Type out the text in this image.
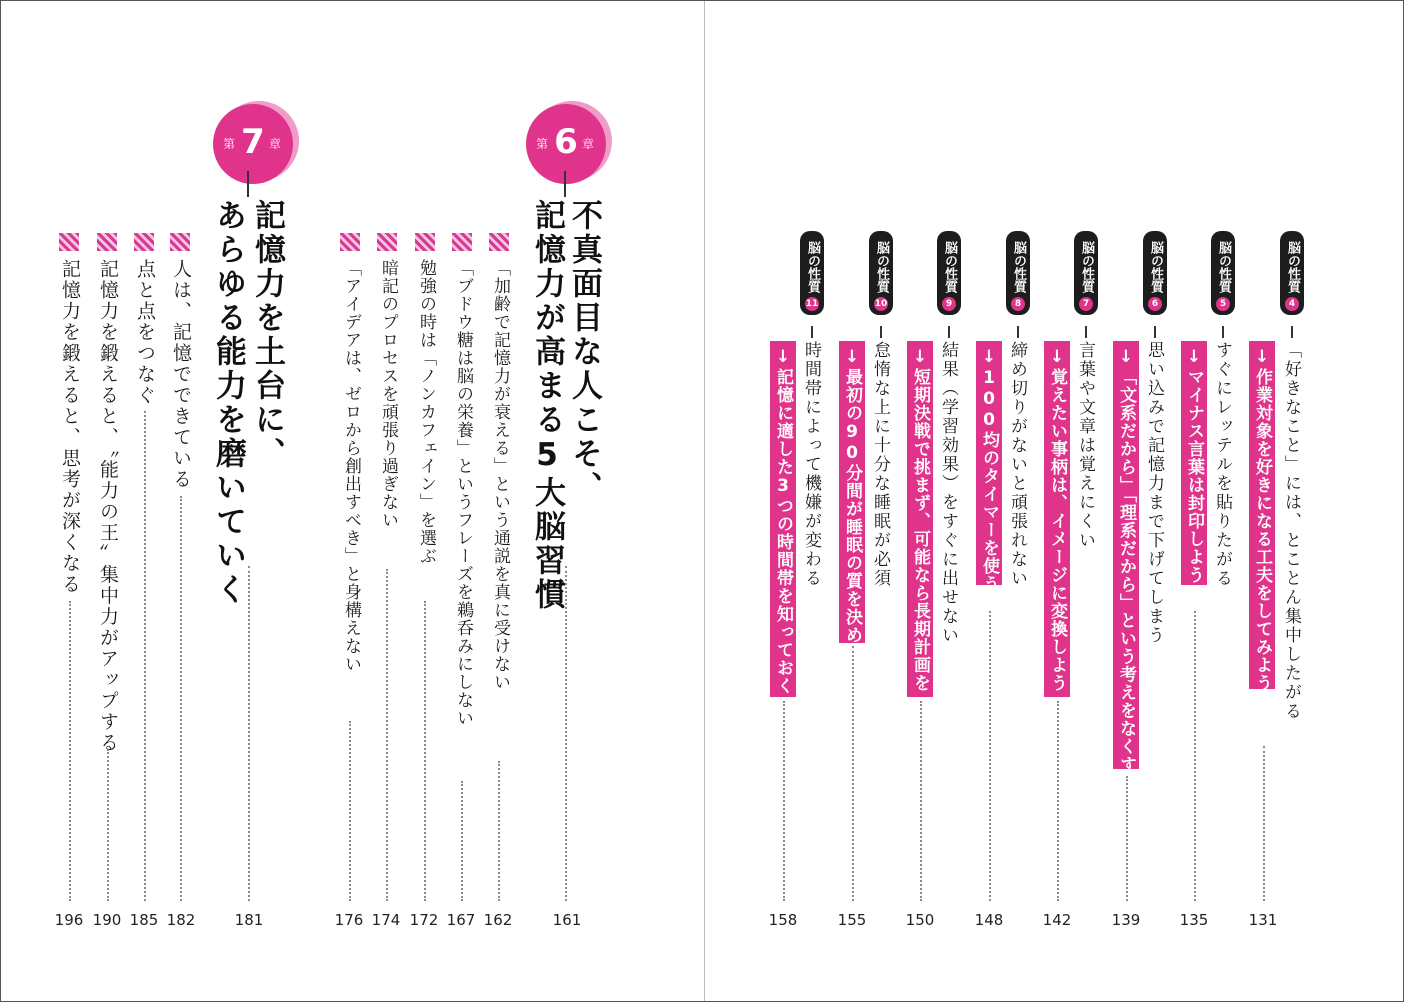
第 7 章
記憶力を土台に、
あらゆる能力を磨いていく
181
人は、記憶でできている
182
点と点をつなぐ
185
記憶力を鍛えると、〝能力の王〟集中力がアップする
190
記憶力を鍛えると、思考が深くなる
196
第 6 章
不真面目な人こそ、
記憶力が高まる5大脳習慣
161
「加齢で記憶力が衰える」という通説を真に受けない
162
「ブドウ糖は脳の栄養」というフレーズを鵜呑みにしない
167
勉強の時は「ノンカフェイン」を選ぶ
172
暗記のプロセスを頑張り過ぎない
174
「アイデアは、ゼロから創出すべき」と身構えない
176
脳の性質4
「好きなこと」には、とことん集中したがる
↓作業対象を好きになる工夫をしてみよう
131
脳の性質5
すぐにレッテルを貼りたがる
↓マイナス言葉は封印しよう
135
脳の性質6
思い込みで記憶力まで下げてしまう
↓「文系だから」「理系だから」という考えをなくす
139
脳の性質7
言葉や文章は覚えにくい
↓覚えたい事柄は、イメージに変換しよう
142
脳の性質8
締め切りがないと頑張れない
↓100均のタイマーを使う
148
脳の性質9
結果（学習効果）をすぐに出せない
↓短期決戦で挑まず、可能なら長期計画を
150
脳の性質10
怠惰な上に十分な睡眠が必須
↓最初の90分間が睡眠の質を決める
155
脳の性質11
時間帯によって機嫌が変わる
↓記憶に適した3つの時間帯を知っておく
158
